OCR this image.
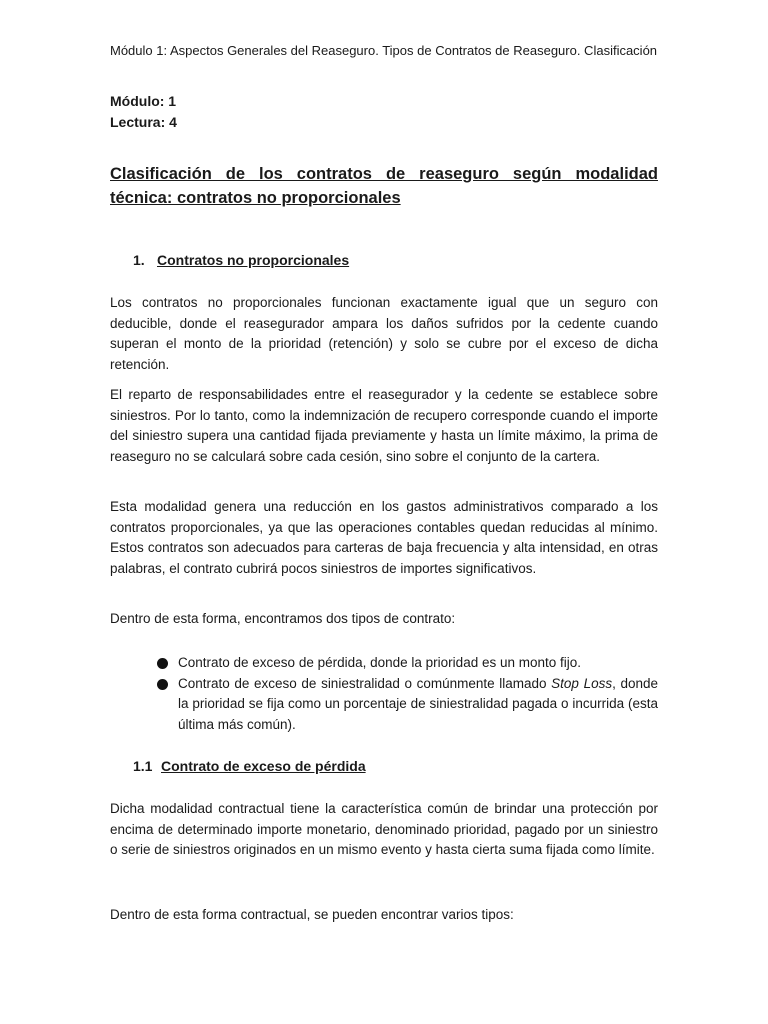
Módulo 1: Aspectos Generales del Reaseguro. Tipos de Contratos de Reaseguro. Clasificación
Módulo: 1
Lectura: 4
Clasificación de los contratos de reaseguro según modalidad técnica: contratos no proporcionales
1. Contratos no proporcionales

Los contratos no proporcionales funcionan exactamente igual que un seguro con deducible, donde el reasegurador ampara los daños sufridos por la cedente cuando superan el monto de la prioridad (retención) y solo se cubre por el exceso de dicha retención.

El reparto de responsabilidades entre el reasegurador y la cedente se establece sobre siniestros. Por lo tanto, como la indemnización de recupero corresponde cuando el importe del siniestro supera una cantidad fijada previamente y hasta un límite máximo, la prima de reaseguro no se calculará sobre cada cesión, sino sobre el conjunto de la cartera.

Esta modalidad genera una reducción en los gastos administrativos comparado a los contratos proporcionales, ya que las operaciones contables quedan reducidas al mínimo. Estos contratos son adecuados para carteras de baja frecuencia y alta intensidad, en otras palabras, el contrato cubrirá pocos siniestros de importes significativos.

Dentro de esta forma, encontramos dos tipos de contrato:

Contrato de exceso de pérdida, donde la prioridad es un monto fijo.
Contrato de exceso de siniestralidad o comúnmente llamado Stop Loss, donde la prioridad se fija como un porcentaje de siniestralidad pagada o incurrida (esta última más común).
1.1 Contrato de exceso de pérdida

Dicha modalidad contractual tiene la característica común de brindar una protección por encima de determinado importe monetario, denominado prioridad, pagado por un siniestro o serie de siniestros originados en un mismo evento y hasta cierta suma fijada como límite.

Dentro de esta forma contractual, se pueden encontrar varios tipos:
